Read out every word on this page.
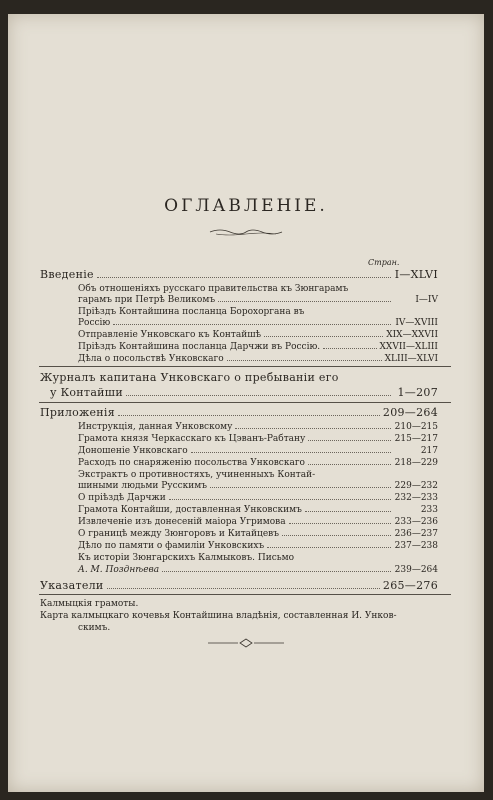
ОГЛАВЛЕНІЕ.
Стран.
Введеніе	I—XLVI
Объ отношеніяхъ русскаго правительства къ Зюнгарамъ
гарамъ при Петрѣ Великомъ	I—IV
Пріѣздъ Контайшина посланца Борохоргана въ
Россію	IV—XVIII
Отправленіе Унковскаго къ Контайшѣ	XIX—XXVII
Пріѣздъ Контайшина посланца Дарчжи въ Россію.	XXVII—XLIII
Дѣла о посольствѣ Унковскаго	XLIII—XLVI
Журналъ капитана Унковскаго о пребываніи его
у Контайши	1—207
Приложенія	209—264
Инструкція, данная Унковскому	210—215
Грамота князя Черкасскаго къ Цэванъ-Рабтану	215—217
Доношеніе Унковскаго	217
Расходъ по снаряженію посольства Унковскаго	218—229
Экстрактъ о противностяхъ, учиненныхъ Контай-
шиными людьми Русскимъ	229—232
О пріѣздѣ Дарчжи	232—233
Грамота Контайши, доставленная Унковскимъ	233
Извлеченіе изъ донесеній маіора Угримова	233—236
О границѣ между Зюнгоровъ и Китайцевъ	236—237
Дѣло по памяти о фамиліи Унковскихъ	237—238
Къ исторіи Зюнгарскихъ Калмыковъ. Письмо
А. М. Позднѣева	239—264
Указатели	265—276
Калмыцкія грамоты.
Карта калмыцкаго кочевья Контайшина владѣнія, составленная И. Унков-
скимъ.
